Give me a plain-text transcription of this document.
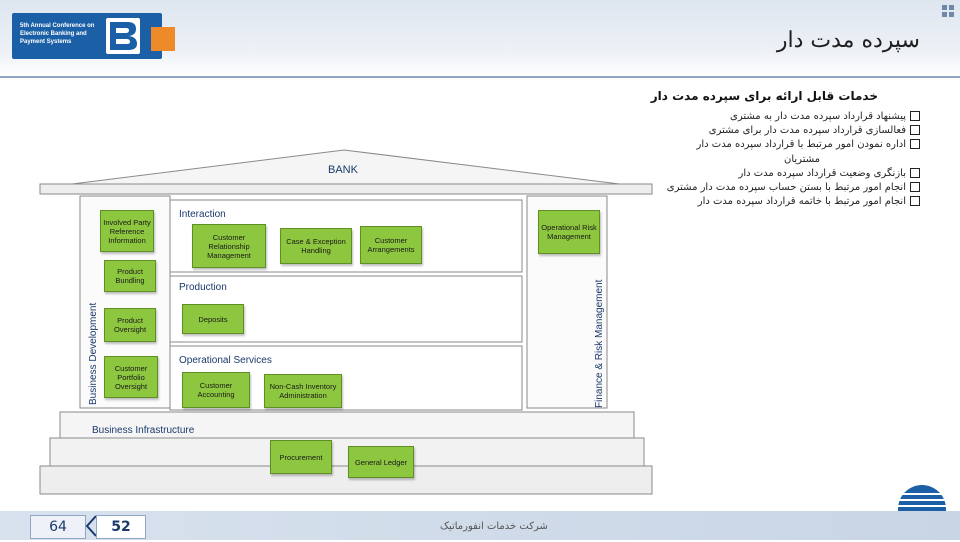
5th Annual Conference on Electronic Banking and Payment Systems	سپرده مدت دار
خدمات قابل ارائه برای سپرده مدت دار
پیشنهاد قرارداد سپرده مدت دار به مشتری
فعالسازی قرارداد سپرده مدت دار برای مشتری
اداره نمودن امور مرتبط با قرارداد سپرده مدت دار
مشتریان
بازنگری وضعیت قرارداد سپرده مدت دار
انجام امور مرتبط با بستن حساب سپرده مدت دار مشتری
انجام امور مرتبط با خاتمه قرارداد سپرده مدت دار
BANK
Business Development	Finance & Risk Management
Involved Party Reference Information
Product Bundling
Product Oversight
Customer Portfolio Oversight
Interaction
Customer Relationship Management
Case & Exception Handling
Customer Arrangements
Operational Risk Management
Production
Deposits
Operational Services
Customer Accounting
Non-Cash Inventory Administration
Business Infrastructure
Procurement
General Ledger
64	52	شرکت خدمات انفورماتیک
